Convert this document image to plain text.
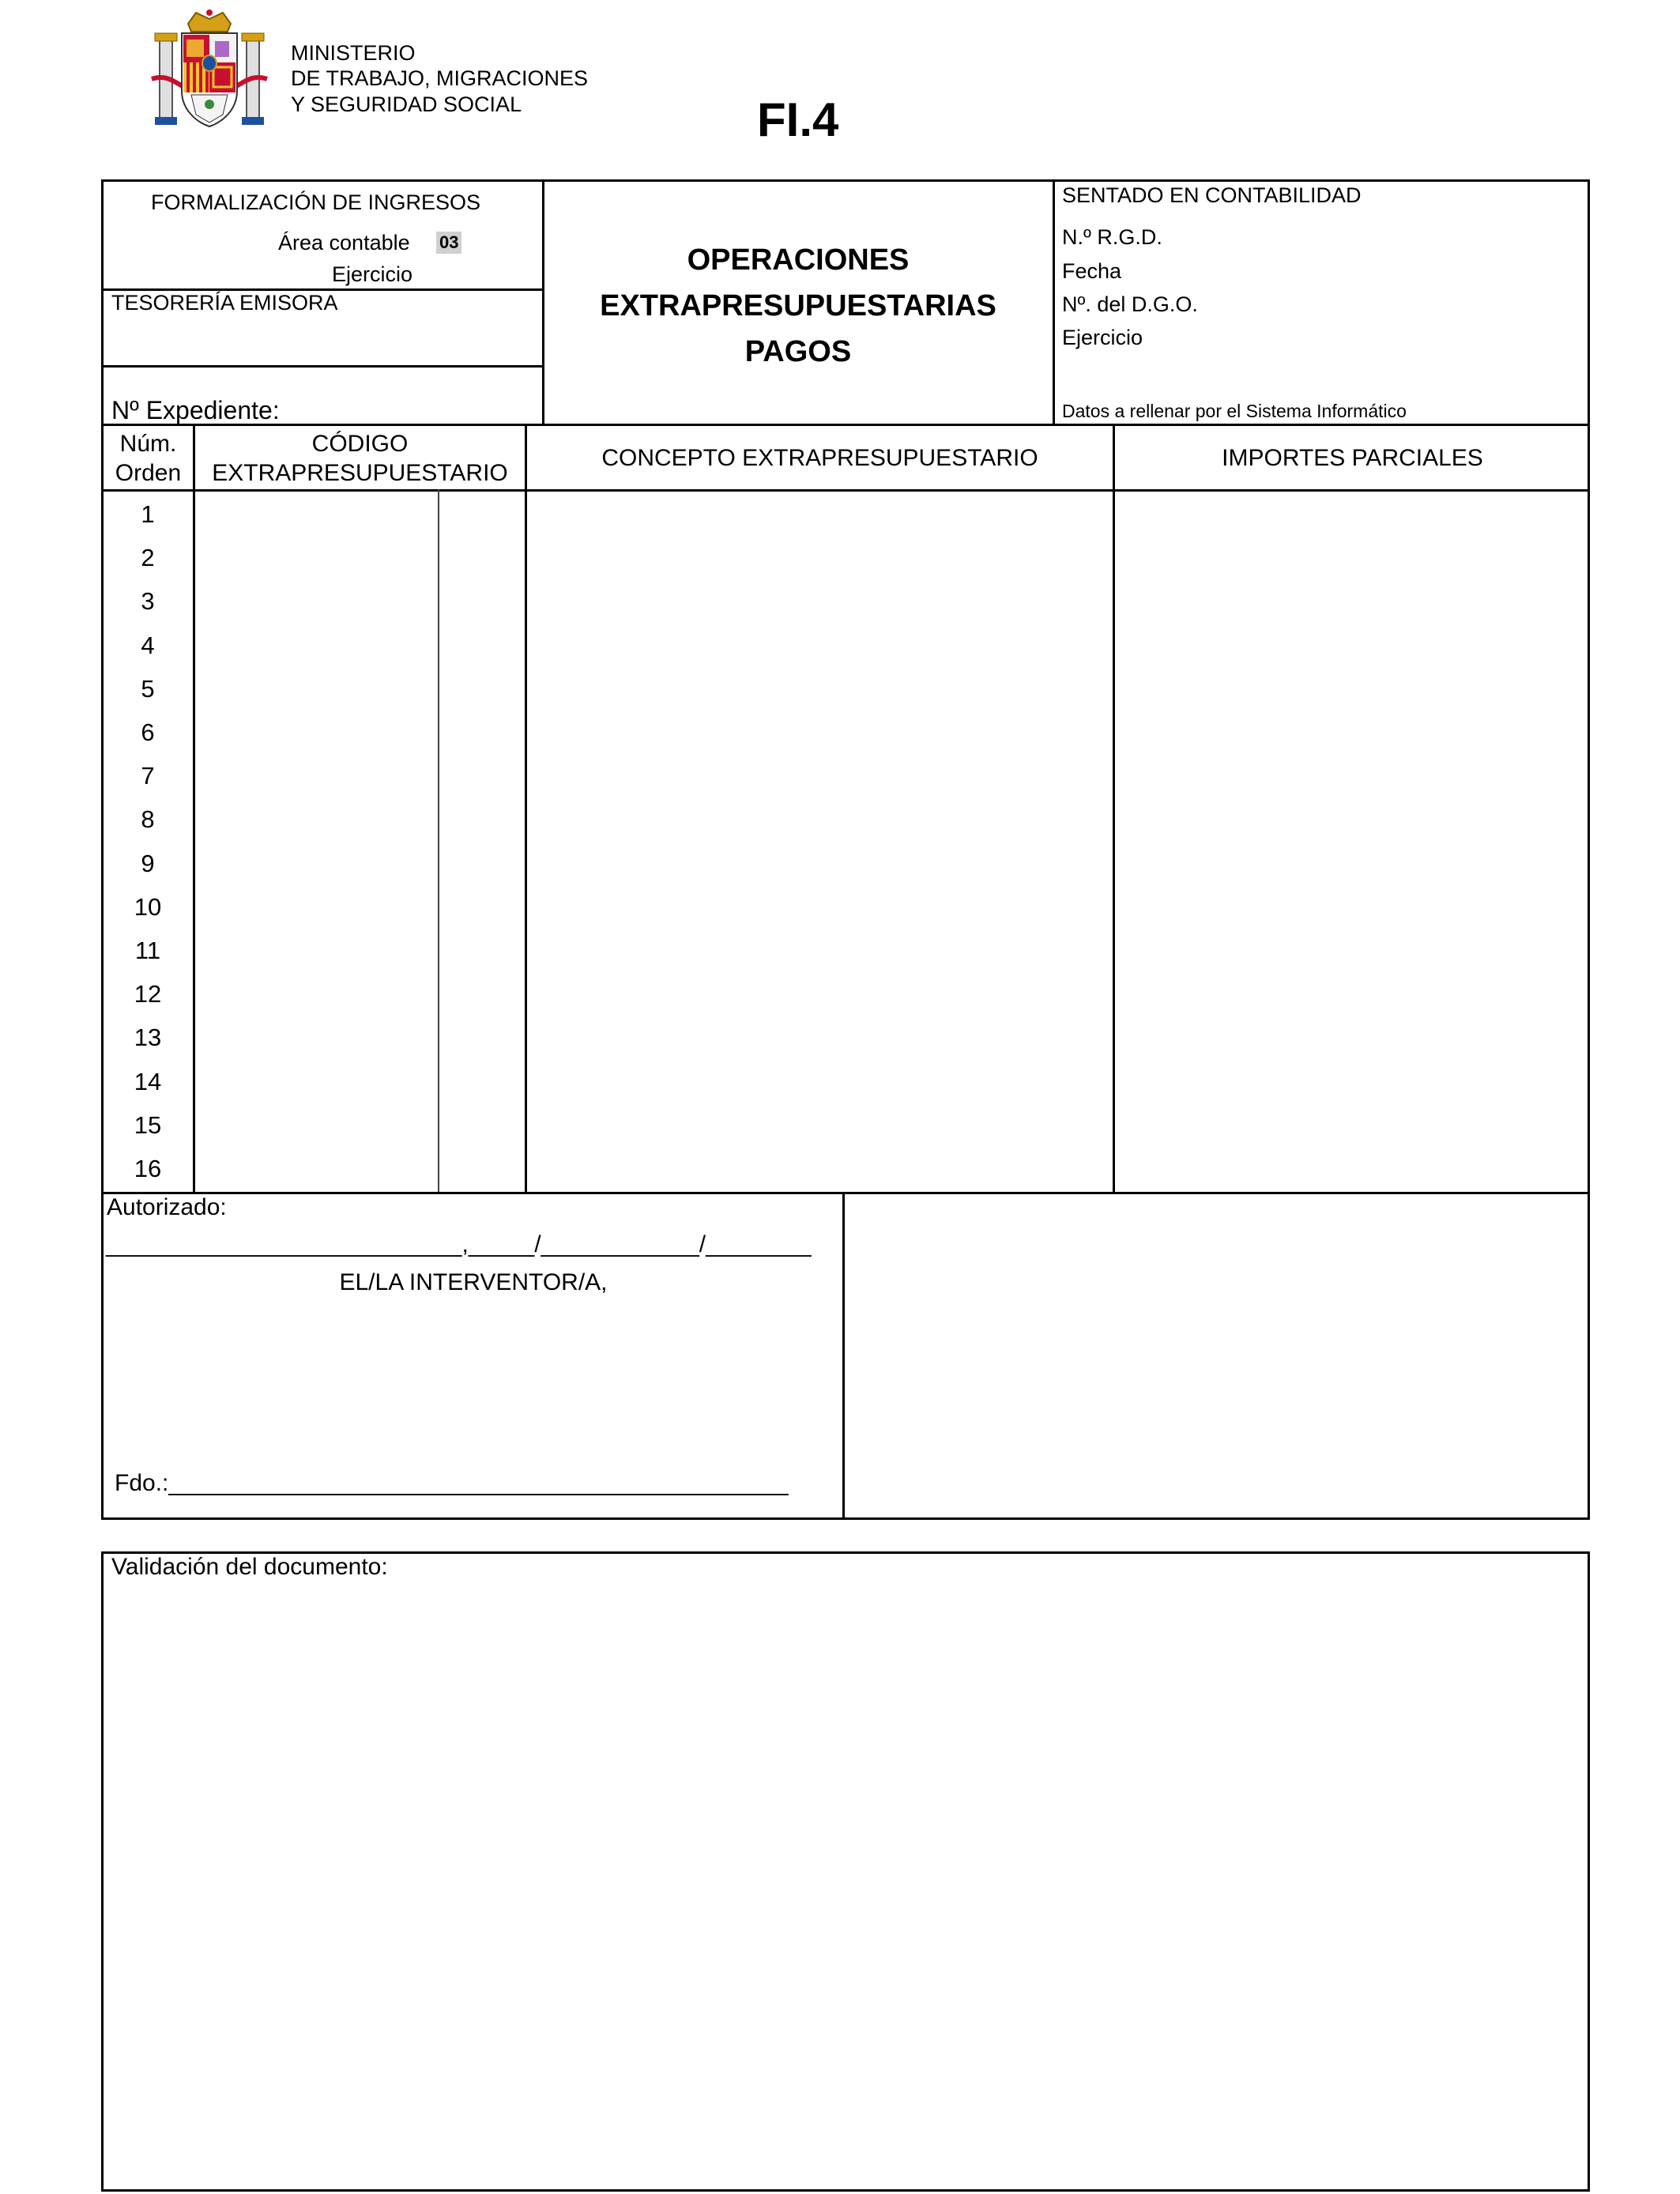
MINISTERIO
DE TRABAJO, MIGRACIONES
Y SEGURIDAD SOCIAL	FI.4
FORMALIZACIÓN DE INGRESOS
Área contable 03
Ejercicio
TESORERÍA EMISORA
Nº Expediente:
OPERACIONES
EXTRAPRESUPUESTARIAS
PAGOS
SENTADO EN CONTABILIDAD
N.º R.G.D.
Fecha
Nº. del D.G.O.
Ejercicio
Datos a rellenar por el Sistema Informático
Núm.
Orden
CÓDIGO
EXTRAPRESUPUESTARIO
CONCEPTO EXTRAPRESUPUESTARIO	IMPORTES PARCIALES
1
2
3
4
5
6
7
8
9
10
11
12
13
14
15
16
Autorizado:
___________________________,_____/____________/________
EL/LA INTERVENTOR/A,
Fdo.:_______________________________________________
Validación del documento:
